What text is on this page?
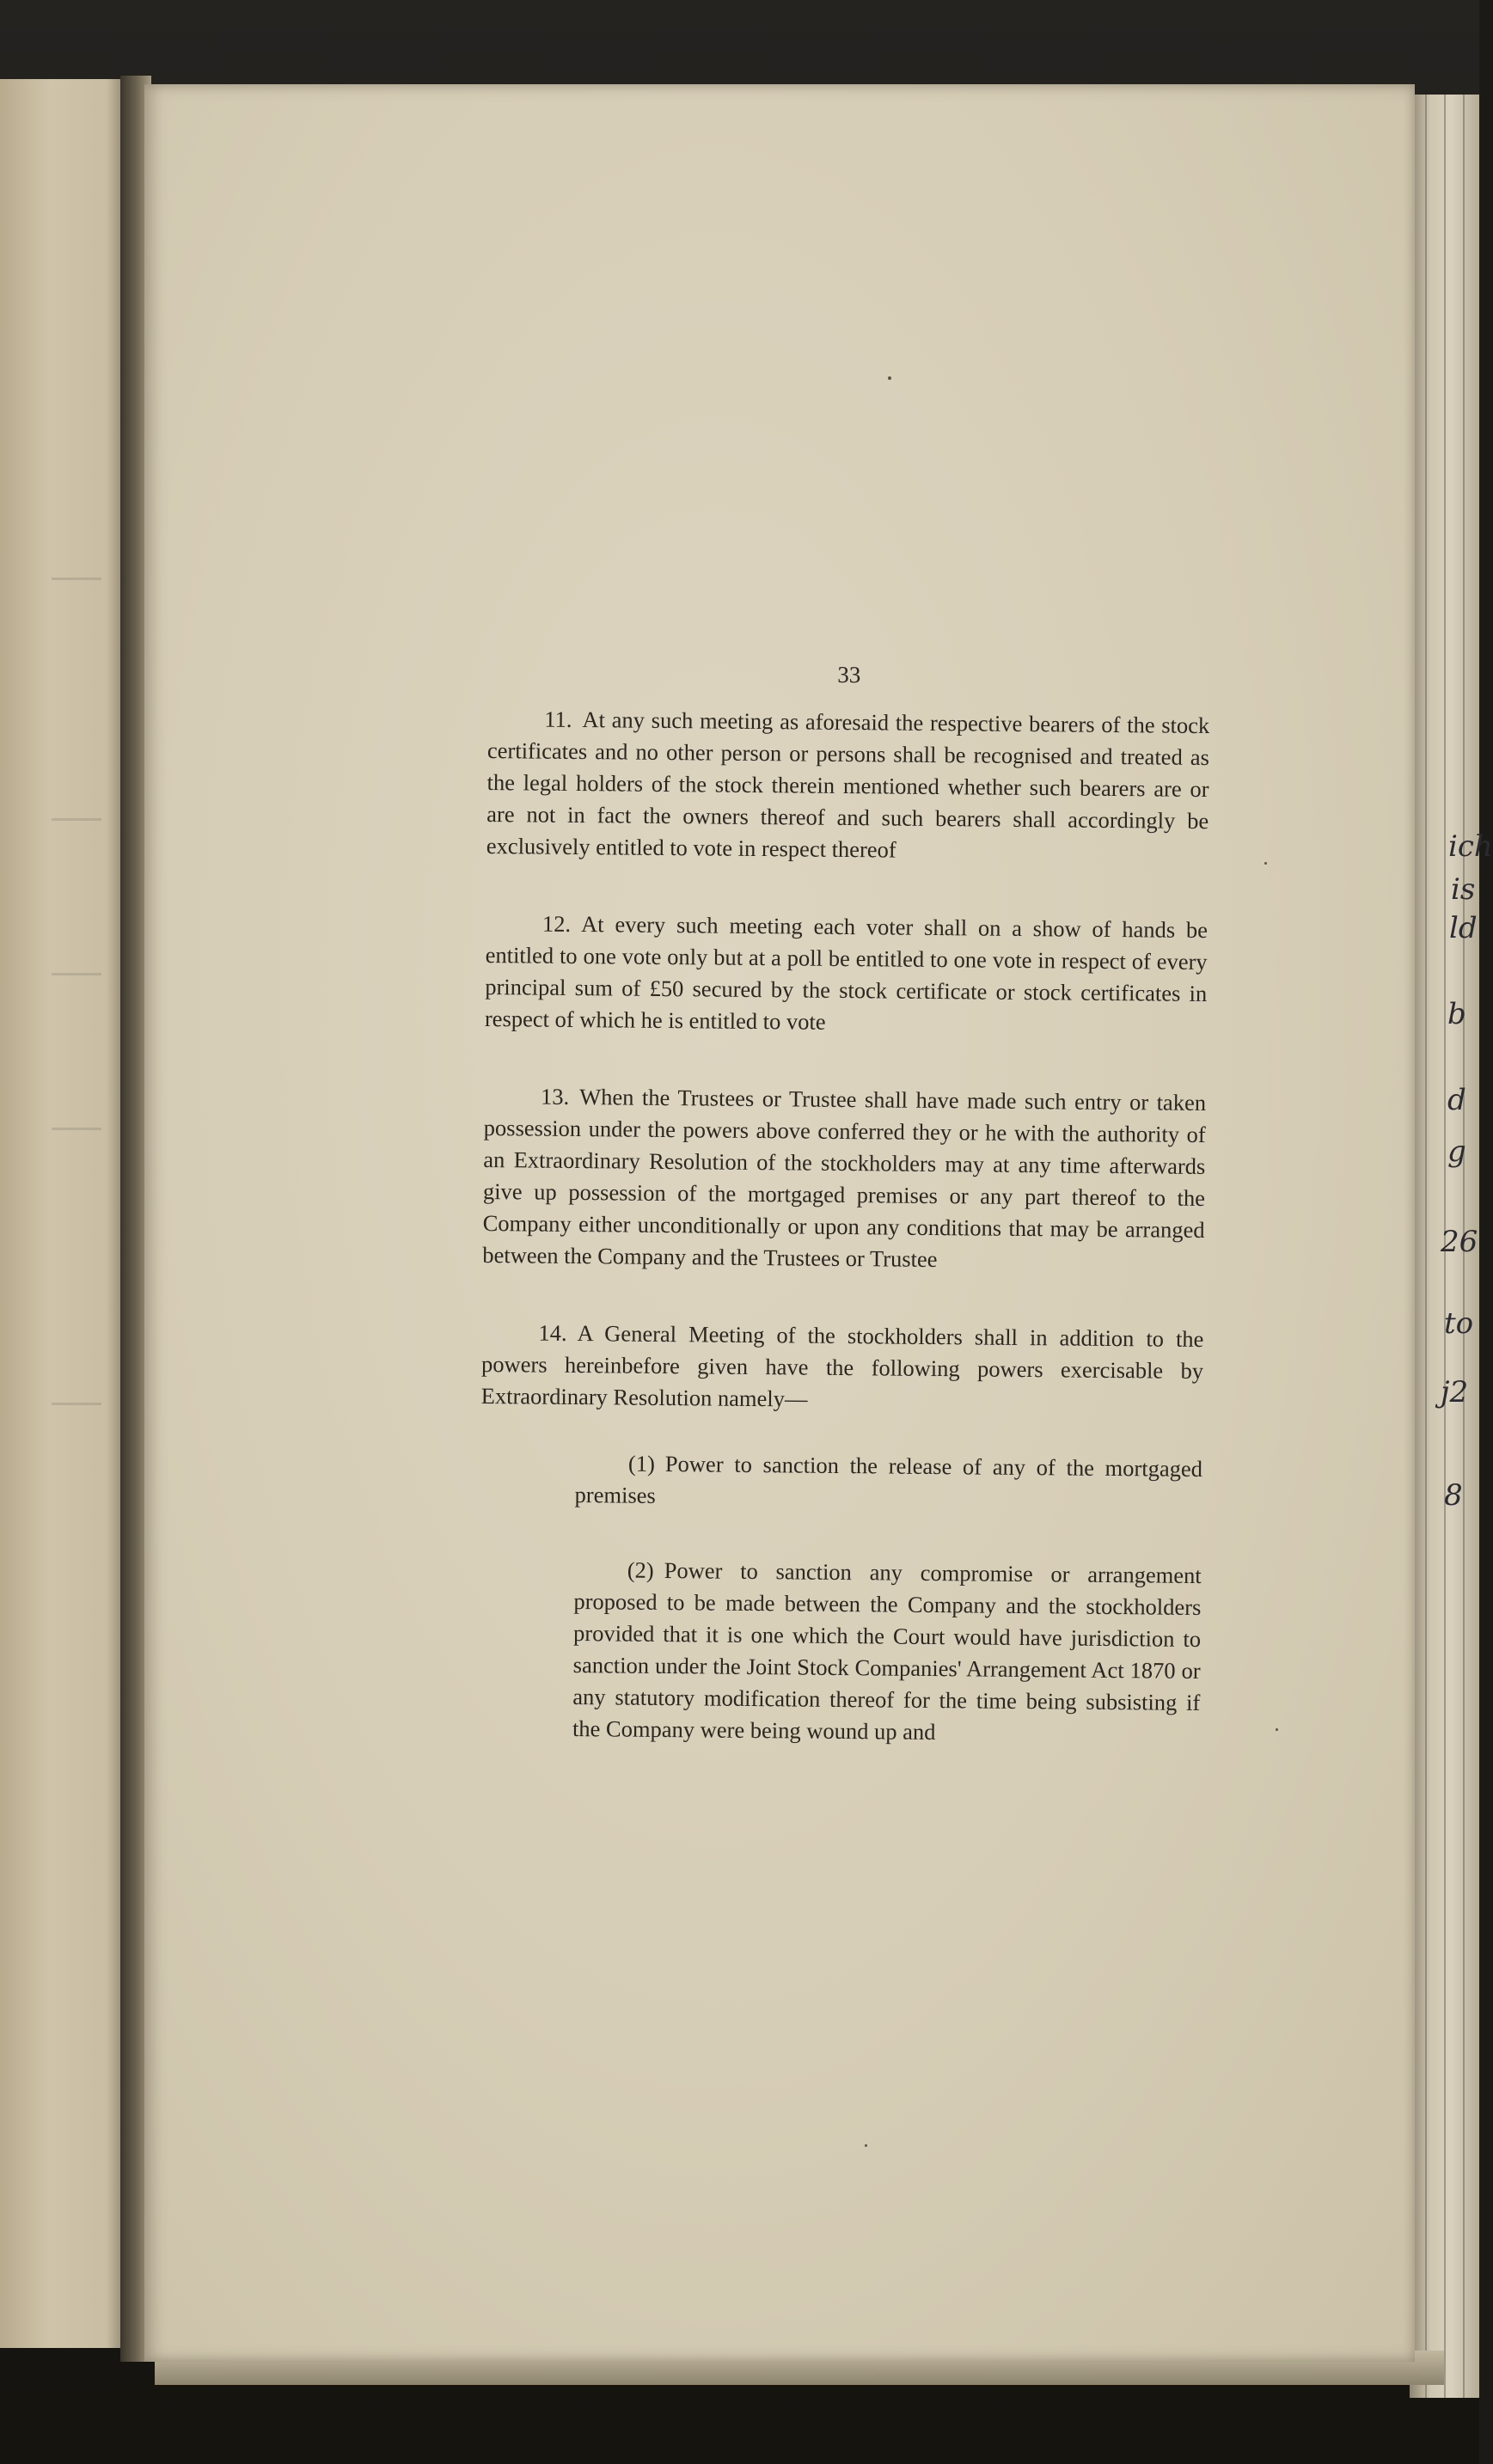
33

11. At any such meeting as aforesaid the respective bearers of the stock certificates and no other person or persons shall be recognised and treated as the legal holders of the stock therein mentioned whether such bearers are or are not in fact the owners thereof and such bearers shall accordingly be exclusively entitled to vote in respect thereof

12. At every such meeting each voter shall on a show of hands be entitled to one vote only but at a poll be entitled to one vote in respect of every principal sum of £50 secured by the stock certificate or stock certificates in respect of which he is entitled to vote

13. When the Trustees or Trustee shall have made such entry or taken possession under the powers above conferred they or he with the authority of an Extraordinary Resolution of the stockholders may at any time afterwards give up possession of the mortgaged premises or any part thereof to the Company either unconditionally or upon any conditions that may be arranged between the Company and the Trustees or Trustee

14. A General Meeting of the stockholders shall in addition to the powers hereinbefore given have the following powers exercisable by Extraordinary Resolution namely—

(1) Power to sanction the release of any of the mortgaged premises

(2) Power to sanction any compromise or arrangement proposed to be made between the Company and the stockholders provided that it is one which the Court would have jurisdiction to sanction under the Joint Stock Companies' Arrangement Act 1870 or any statutory modification thereof for the time being subsisting if the Company were being wound up and

ich
is
ld
b
d
g
26
to
j2
8
